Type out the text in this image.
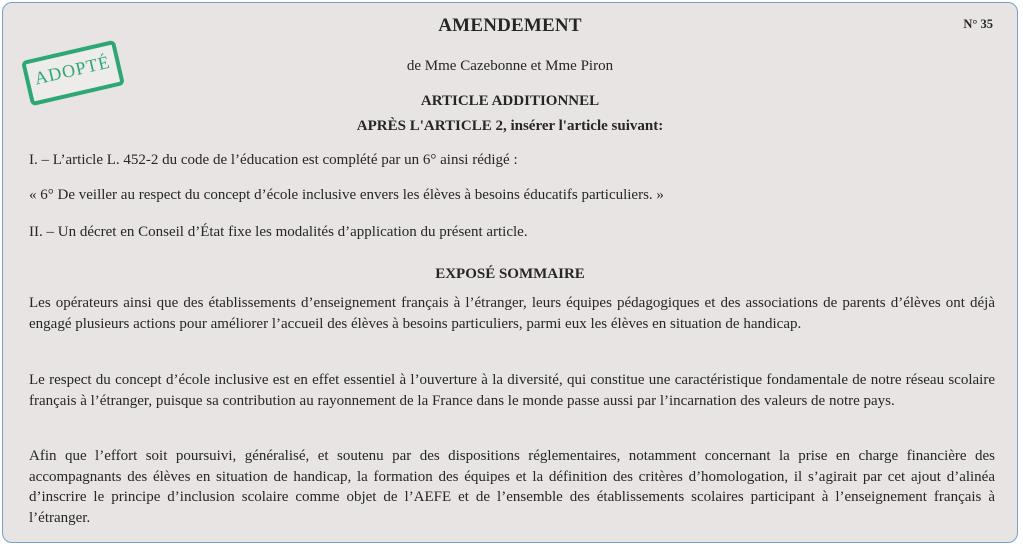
AMENDEMENT	N° 35
ADOPTÉ	de Mme Cazebonne et Mme Piron
ARTICLE ADDITIONNEL
APRÈS L'ARTICLE 2, insérer l'article suivant:
I. – L’article L. 452‑2 du code de l’éducation est complété par un 6° ainsi rédigé :
« 6° De veiller au respect du concept d’école inclusive envers les élèves à besoins éducatifs particuliers. »
II. – Un décret en Conseil d’État fixe les modalités d’application du présent article.
EXPOSÉ SOMMAIRE
Les opérateurs ainsi que des établissements d’enseignement français à l’étranger, leurs équipes pédagogiques et des associations de parents d’élèves ont déjà engagé plusieurs actions pour améliorer l’accueil des élèves à besoins particuliers, parmi eux les élèves en situation de handicap.
Le respect du concept d’école inclusive est en effet essentiel à l’ouverture à la diversité, qui constitue une caractéristique fondamentale de notre réseau scolaire français à l’étranger, puisque sa contribution au rayonnement de la France dans le monde passe aussi par l’incarnation des valeurs de notre pays.
Afin que l’effort soit poursuivi, généralisé, et soutenu par des dispositions réglementaires, notamment concernant la prise en charge financière des accompagnants des élèves en situation de handicap, la formation des équipes et la définition des critères d’homologation, il s’agirait par cet ajout d’alinéa d’inscrire le principe d’inclusion scolaire comme objet de l’AEFE et de l’ensemble des établissements scolaires participant à l’enseignement français à l’étranger.
